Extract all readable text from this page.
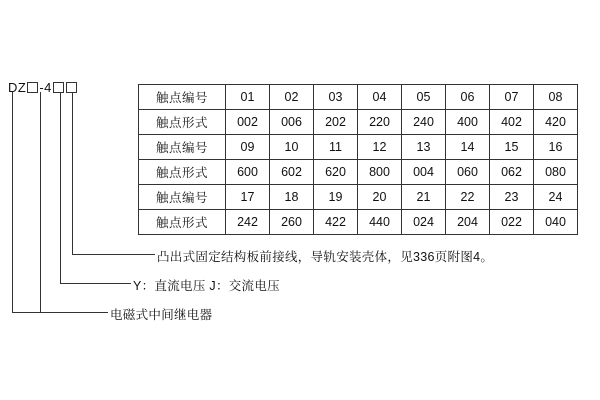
DZ -4
触点编号	01	02	03	04	05	06	07	08
触点形式	002	006	202	220	240	400	402	420
触点编号	09	10	11	12	13	14	15	16
触点形式	600	602	620	800	004	060	062	080
触点编号	17	18	19	20	21	22	23	24
触点形式	242	260	422	440	024	204	022	040
凸出式固定结构板前接线，导轨安装壳体，见336页附图4。
Y：直流电压 J：交流电压
电磁式中间继电器
